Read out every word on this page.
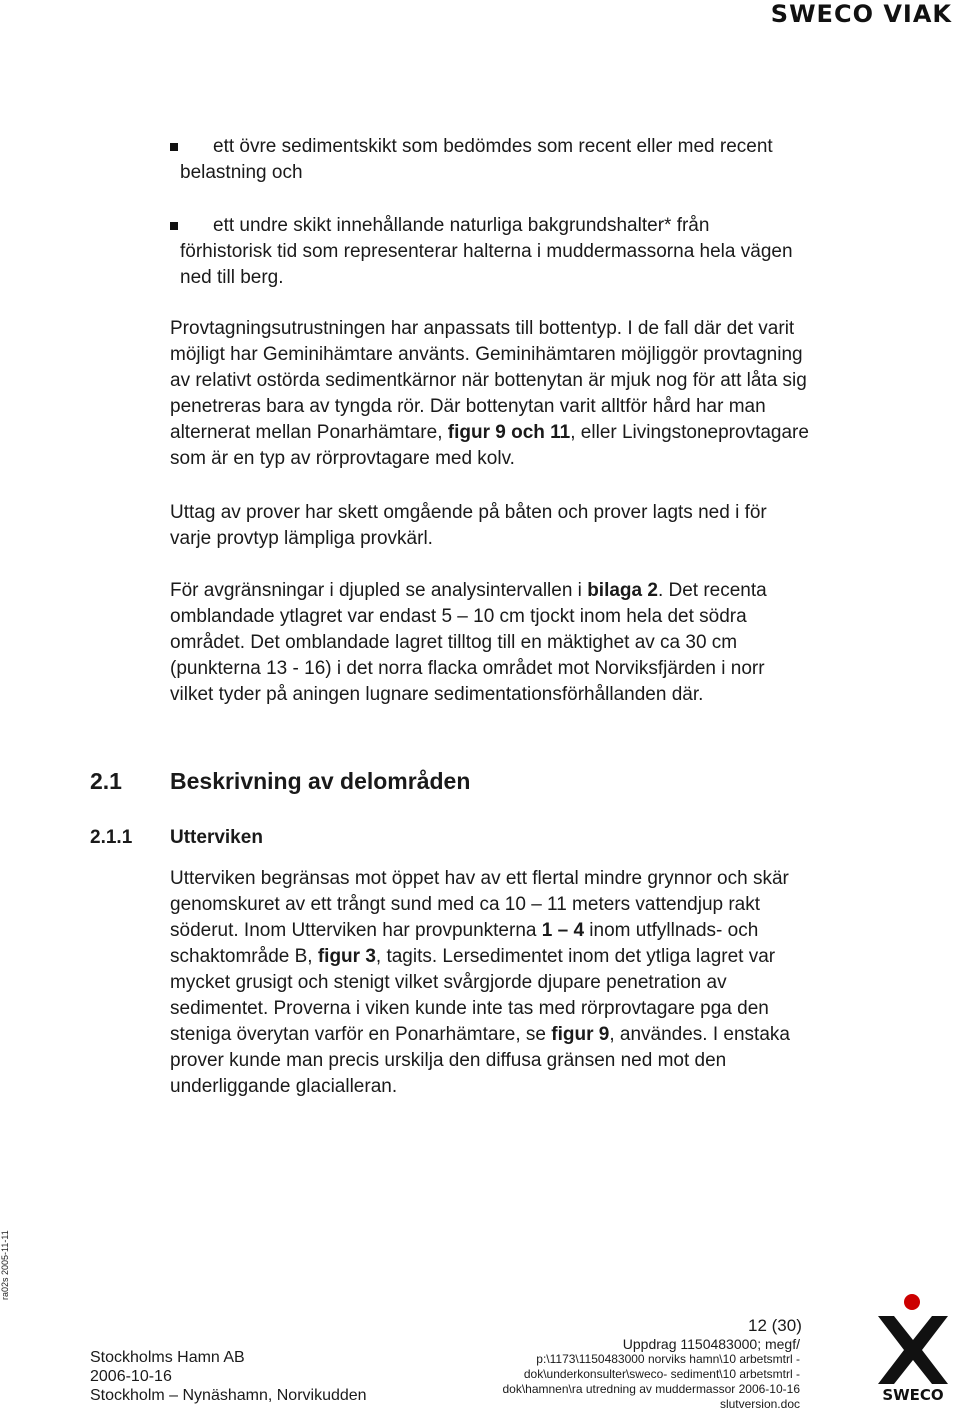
SWECO VIAK
ett övre sedimentskikt som bedömdes som recent eller med recent belastning och
ett undre skikt innehållande naturliga bakgrundshalter* från förhistorisk tid som representerar halterna i muddermassorna hela vägen ned till berg.

Provtagningsutrustningen har anpassats till bottentyp. I de fall där det varit möjligt har Geminihämtare använts. Geminihämtaren möjliggör provtagning av relativt ostörda sedimentkärnor när bottenytan är mjuk nog för att låta sig penetreras bara av tyngda rör. Där bottenytan varit alltför hård har man alternerat mellan Ponarhämtare, figur 9 och 11, eller Livingstoneprovtagare som är en typ av rörprovtagare med kolv.

Uttag av prover har skett omgående på båten och prover lagts ned i för varje provtyp lämpliga provkärl.

För avgränsningar i djupled se analysintervallen i bilaga 2. Det recenta omblandade ytlagret var endast 5 – 10 cm tjockt inom hela det södra området. Det omblandade lagret tilltog till en mäktighet av ca 30 cm (punkterna 13 - 16) i det norra flacka området mot Norviksfjärden i norr vilket tyder på aningen lugnare sedimentationsförhållanden där.

2.1 Beskrivning av delområden
2.1.1 Utterviken

Utterviken begränsas mot öppet hav av ett flertal mindre grynnor och skär genomskuret av ett trångt sund med ca 10 – 11 meters vattendjup rakt söderut. Inom Utterviken har provpunkterna 1 – 4 inom utfyllnads- och schaktområde B, figur 3, tagits. Lersedimentet inom det ytliga lagret var mycket grusigt och stenigt vilket svårgjorde djupare penetration av sedimentet. Proverna i viken kunde inte tas med rörprovtagare pga den steniga överytan varför en Ponarhämtare, se figur 9, användes. I enstaka prover kunde man precis urskilja den diffusa gränsen ned mot den underliggande glacialleran.

ra02s 2005-11-11
12 (30)
Stockholms Hamn AB
2006-10-16
Stockholm – Nynäshamn, Norvikudden
Uppdrag 1150483000; megf/
p:\1173\1150483000 norviks hamn\10 arbetsmtrl -
dok\underkonsulter\sweco- sediment\10 arbetsmtrl -
dok\hamnen\ra utredning av muddermassor 2006-10-16
slutversion.doc	SWECO
